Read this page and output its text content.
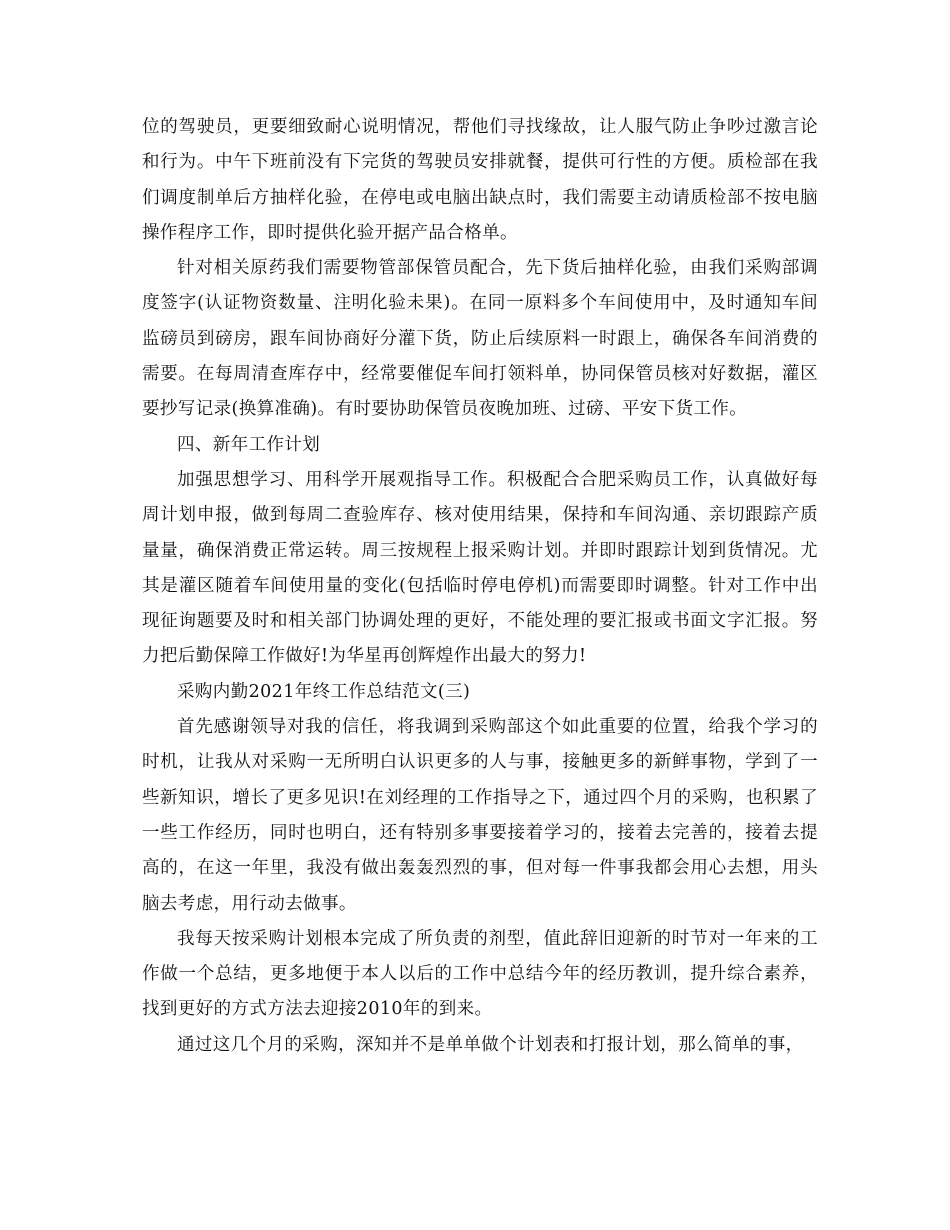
位的驾驶员，更要细致耐心说明情况，帮他们寻找缘故，让人服气防止争吵过激言论和行为。中午下班前没有下完货的驾驶员安排就餐，提供可行性的方便。质检部在我们调度制单后方抽样化验，在停电或电脑出缺点时，我们需要主动请质检部不按电脑操作程序工作，即时提供化验开据产品合格单。

针对相关原药我们需要物管部保管员配合，先下货后抽样化验，由我们采购部调度签字(认证物资数量、注明化验未果)。在同一原料多个车间使用中，及时通知车间监磅员到磅房，跟车间协商好分灌下货，防止后续原料一时跟上，确保各车间消费的需要。在每周清查库存中，经常要催促车间打领料单，协同保管员核对好数据，灌区要抄写记录(换算准确)。有时要协助保管员夜晚加班、过磅、平安下货工作。

四、新年工作计划

加强思想学习、用科学开展观指导工作。积极配合合肥采购员工作，认真做好每周计划申报，做到每周二查验库存、核对使用结果，保持和车间沟通、亲切跟踪产质量量，确保消费正常运转。周三按规程上报采购计划。并即时跟踪计划到货情况。尤其是灌区随着车间使用量的变化(包括临时停电停机)而需要即时调整。针对工作中出现征询题要及时和相关部门协调处理的更好，不能处理的要汇报或书面文字汇报。努力把后勤保障工作做好!为华星再创辉煌作出最大的努力!

采购内勤2021年终工作总结范文(三)

首先感谢领导对我的信任，将我调到采购部这个如此重要的位置，给我个学习的时机，让我从对采购一无所明白认识更多的人与事，接触更多的新鲜事物，学到了一些新知识，增长了更多见识!在刘经理的工作指导之下，通过四个月的采购，也积累了一些工作经历，同时也明白，还有特别多事要接着学习的，接着去完善的，接着去提高的，在这一年里，我没有做出轰轰烈烈的事，但对每一件事我都会用心去想，用头脑去考虑，用行动去做事。

我每天按采购计划根本完成了所负责的剂型，值此辞旧迎新的时节对一年来的工作做一个总结，更多地便于本人以后的工作中总结今年的经历教训，提升综合素养，找到更好的方式方法去迎接2010年的到来。

通过这几个月的采购，深知并不是单单做个计划表和打报计划，那么简单的事，
